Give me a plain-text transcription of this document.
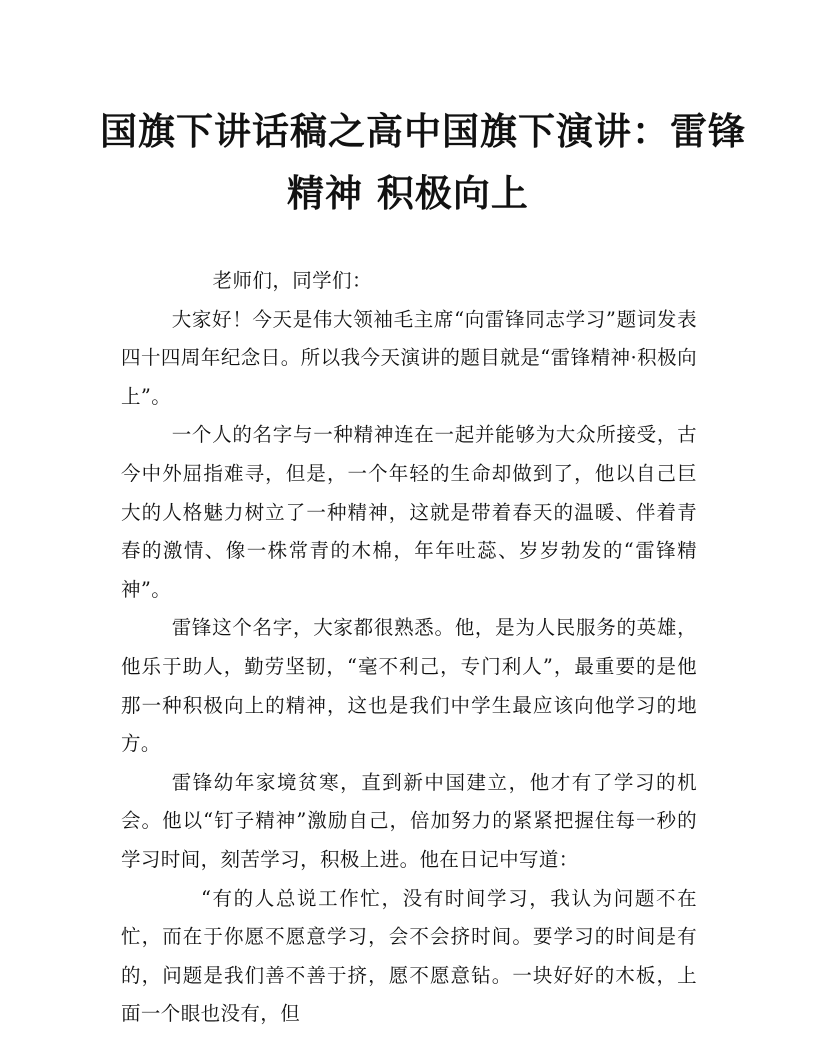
国旗下讲话稿之高中国旗下演讲：雷锋
精神 积极向上

老师们，同学们：

大家好！今天是伟大领袖毛主席“向雷锋同志学习”题词发表四十四周年纪念日。所以我今天演讲的题目就是“雷锋精神·积极向上”。

一个人的名字与一种精神连在一起并能够为大众所接受，古今中外屈指难寻，但是，一个年轻的生命却做到了，他以自己巨大的人格魅力树立了一种精神，这就是带着春天的温暖、伴着青春的激情、像一株常青的木棉，年年吐蕊、岁岁勃发的“雷锋精神”。

雷锋这个名字，大家都很熟悉。他，是为人民服务的英雄，他乐于助人，勤劳坚韧，“毫不利己，专门利人”，最重要的是他那一种积极向上的精神，这也是我们中学生最应该向他学习的地方。

雷锋幼年家境贫寒，直到新中国建立，他才有了学习的机会。他以“钉子精神”激励自己，倍加努力的紧紧把握住每一秒的学习时间，刻苦学习，积极上进。他在日记中写道：

“有的人总说工作忙，没有时间学习，我认为问题不在忙，而在于你愿不愿意学习，会不会挤时间。要学习的时间是有的，问题是我们善不善于挤，愿不愿意钻。一块好好的木板，上面一个眼也没有，但
